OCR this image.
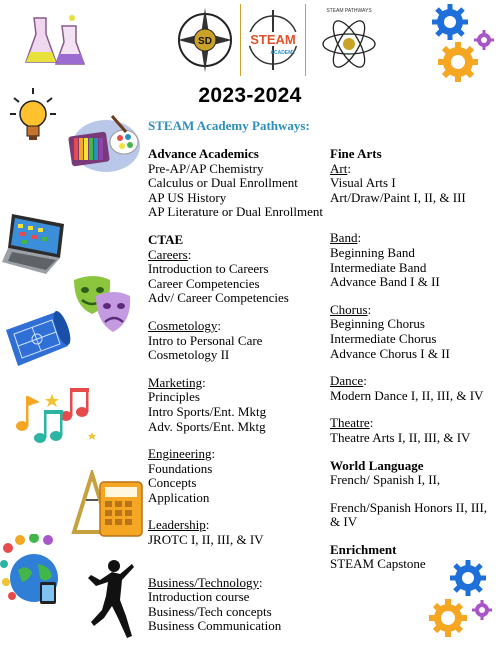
SD	STEAM
ACADEMY
STEAM PATHWAYS
2023-2024
STEAM Academy Pathways:
Advance Academics
Pre-AP/AP Chemistry
Calculus or Dual Enrollment
AP US History
AP Literature or Dual Enrollment
CTAE
Careers:
Introduction to Careers
Career Competencies
Adv/ Career Competencies
Cosmetology:
Intro to Personal Care
Cosmetology II
Marketing:
Principles
Intro Sports/Ent. Mktg
Adv. Sports/Ent. Mktg
Engineering:
Foundations
Concepts
Application
Leadership:
JROTC I, II, III, & IV
Business/Technology:
Introduction course
Business/Tech concepts
Business Communication
Fine Arts
Art:
Visual Arts I
Art/Draw/Paint I, II, & III
Band:
Beginning Band
Intermediate Band
Advance Band I & II
Chorus:
Beginning Chorus
Intermediate Chorus
Advance Chorus I & II
Dance:
Modern Dance I, II, III, & IV
Theatre:
Theatre Arts I, II, III, & IV
World Language
French/ Spanish I, II,
French/Spanish Honors II, III, & IV
Enrichment
STEAM Capstone
